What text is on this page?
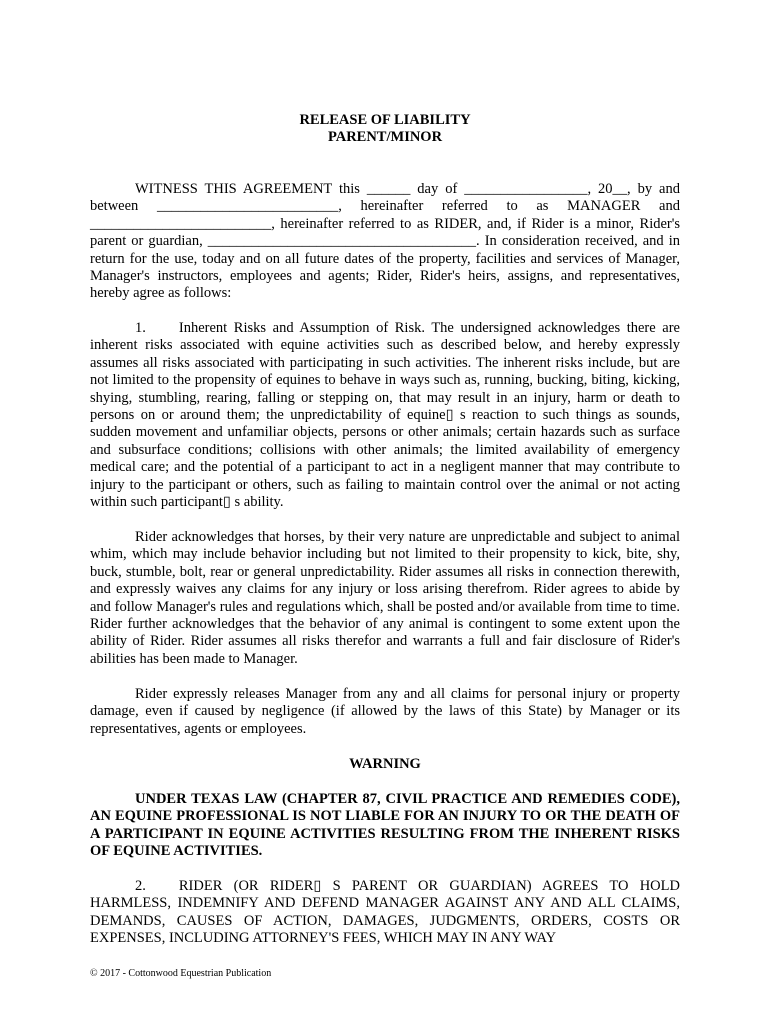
RELEASE OF LIABILITY
PARENT/MINOR

WITNESS THIS AGREEMENT this ______ day of _________________, 20__, by and between _________________________, hereinafter referred to as MANAGER and _________________________, hereinafter referred to as RIDER, and, if Rider is a minor, Rider's parent or guardian, _____________________________________. In consideration received, and in return for the use, today and on all future dates of the property, facilities and services of Manager, Manager's instructors, employees and agents; Rider, Rider's heirs, assigns, and representatives, hereby agree as follows:

1. Inherent Risks and Assumption of Risk. The undersigned acknowledges there are inherent risks associated with equine activities such as described below, and hereby expressly assumes all risks associated with participating in such activities. The inherent risks include, but are not limited to the propensity of equines to behave in ways such as, running, bucking, biting, kicking, shying, stumbling, rearing, falling or stepping on, that may result in an injury, harm or death to persons on or around them; the unpredictability of equine▯ s reaction to such things as sounds, sudden movement and unfamiliar objects, persons or other animals; certain hazards such as surface and subsurface conditions; collisions with other animals; the limited availability of emergency medical care; and the potential of a participant to act in a negligent manner that may contribute to injury to the participant or others, such as failing to maintain control over the animal or not acting within such participant▯ s ability.

Rider acknowledges that horses, by their very nature are unpredictable and subject to animal whim, which may include behavior including but not limited to their propensity to kick, bite, shy, buck, stumble, bolt, rear or general unpredictability. Rider assumes all risks in connection therewith, and expressly waives any claims for any injury or loss arising therefrom. Rider agrees to abide by and follow Manager's rules and regulations which, shall be posted and/or available from time to time. Rider further acknowledges that the behavior of any animal is contingent to some extent upon the ability of Rider. Rider assumes all risks therefor and warrants a full and fair disclosure of Rider's abilities has been made to Manager.

Rider expressly releases Manager from any and all claims for personal injury or property damage, even if caused by negligence (if allowed by the laws of this State) by Manager or its representatives, agents or employees.

WARNING

UNDER TEXAS LAW (CHAPTER 87, CIVIL PRACTICE AND REMEDIES CODE), AN EQUINE PROFESSIONAL IS NOT LIABLE FOR AN INJURY TO OR THE DEATH OF A PARTICIPANT IN EQUINE ACTIVITIES RESULTING FROM THE INHERENT RISKS OF EQUINE ACTIVITIES.

2. RIDER (OR RIDER▯ S PARENT OR GUARDIAN) AGREES TO HOLD HARMLESS, INDEMNIFY AND DEFEND MANAGER AGAINST ANY AND ALL CLAIMS, DEMANDS, CAUSES OF ACTION, DAMAGES, JUDGMENTS, ORDERS, COSTS OR EXPENSES, INCLUDING ATTORNEY'S FEES, WHICH MAY IN ANY WAY

© 2017 - Cottonwood Equestrian Publication
